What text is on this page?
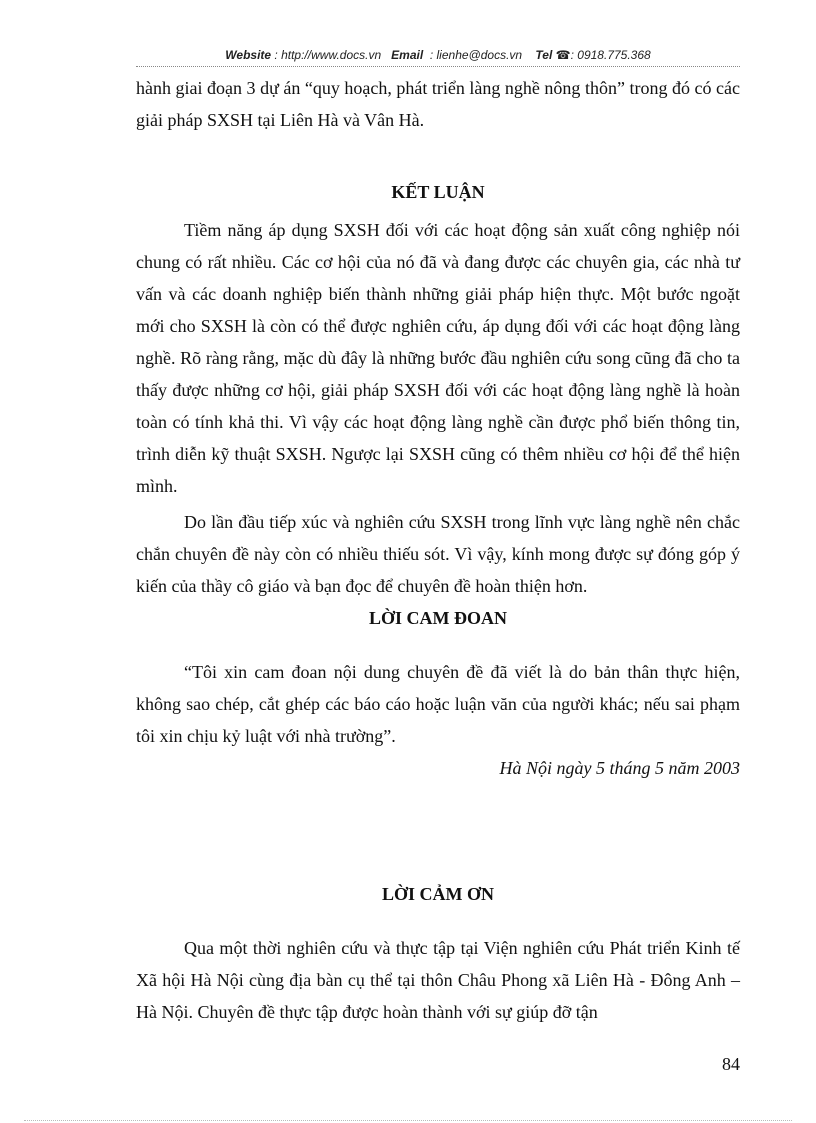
Website : http://www.docs.vn Email : lienhe@docs.vn Tel ☎: 0918.775.368

hành giai đoạn 3 dự án “quy hoạch, phát triển làng nghề nông thôn” trong đó có các giải pháp SXSH tại Liên Hà và Vân Hà.

KẾT LUẬN

Tiềm năng áp dụng SXSH đối với các hoạt động sản xuất công nghiệp nói chung có rất nhiều. Các cơ hội của nó đã và đang được các chuyên gia, các nhà tư vấn và các doanh nghiệp biến thành những giải pháp hiện thực. Một bước ngoặt mới cho SXSH là còn có thể được nghiên cứu, áp dụng đối với các hoạt động làng nghề. Rõ ràng rằng, mặc dù đây là những bước đầu nghiên cứu song cũng đã cho ta thấy được những cơ hội, giải pháp SXSH đối với các hoạt động làng nghề là hoàn toàn có tính khả thi. Vì vậy các hoạt động làng nghề cần được phổ biến thông tin, trình diễn kỹ thuật SXSH. Ngược lại SXSH cũng có thêm nhiều cơ hội để thể hiện mình.

Do lần đầu tiếp xúc và nghiên cứu SXSH trong lĩnh vực làng nghề nên chắc chắn chuyên đề này còn có nhiều thiếu sót. Vì vậy, kính mong được sự đóng góp ý kiến của thầy cô giáo và bạn đọc để chuyên đề hoàn thiện hơn.

LỜI CAM ĐOAN

“Tôi xin cam đoan nội dung chuyên đề đã viết là do bản thân thực hiện, không sao chép, cắt ghép các báo cáo hoặc luận văn của người khác; nếu sai phạm tôi xin chịu kỷ luật với nhà trường”.

Hà Nội ngày 5 tháng 5 năm 2003
LỜI CẢM ƠN

Qua một thời nghiên cứu và thực tập tại Viện nghiên cứu Phát triển Kinh tế Xã hội Hà Nội cùng địa bàn cụ thể tại thôn Châu Phong xã Liên Hà - Đông Anh – Hà Nội. Chuyên đề thực tập được hoàn thành với sự giúp đỡ tận

84
